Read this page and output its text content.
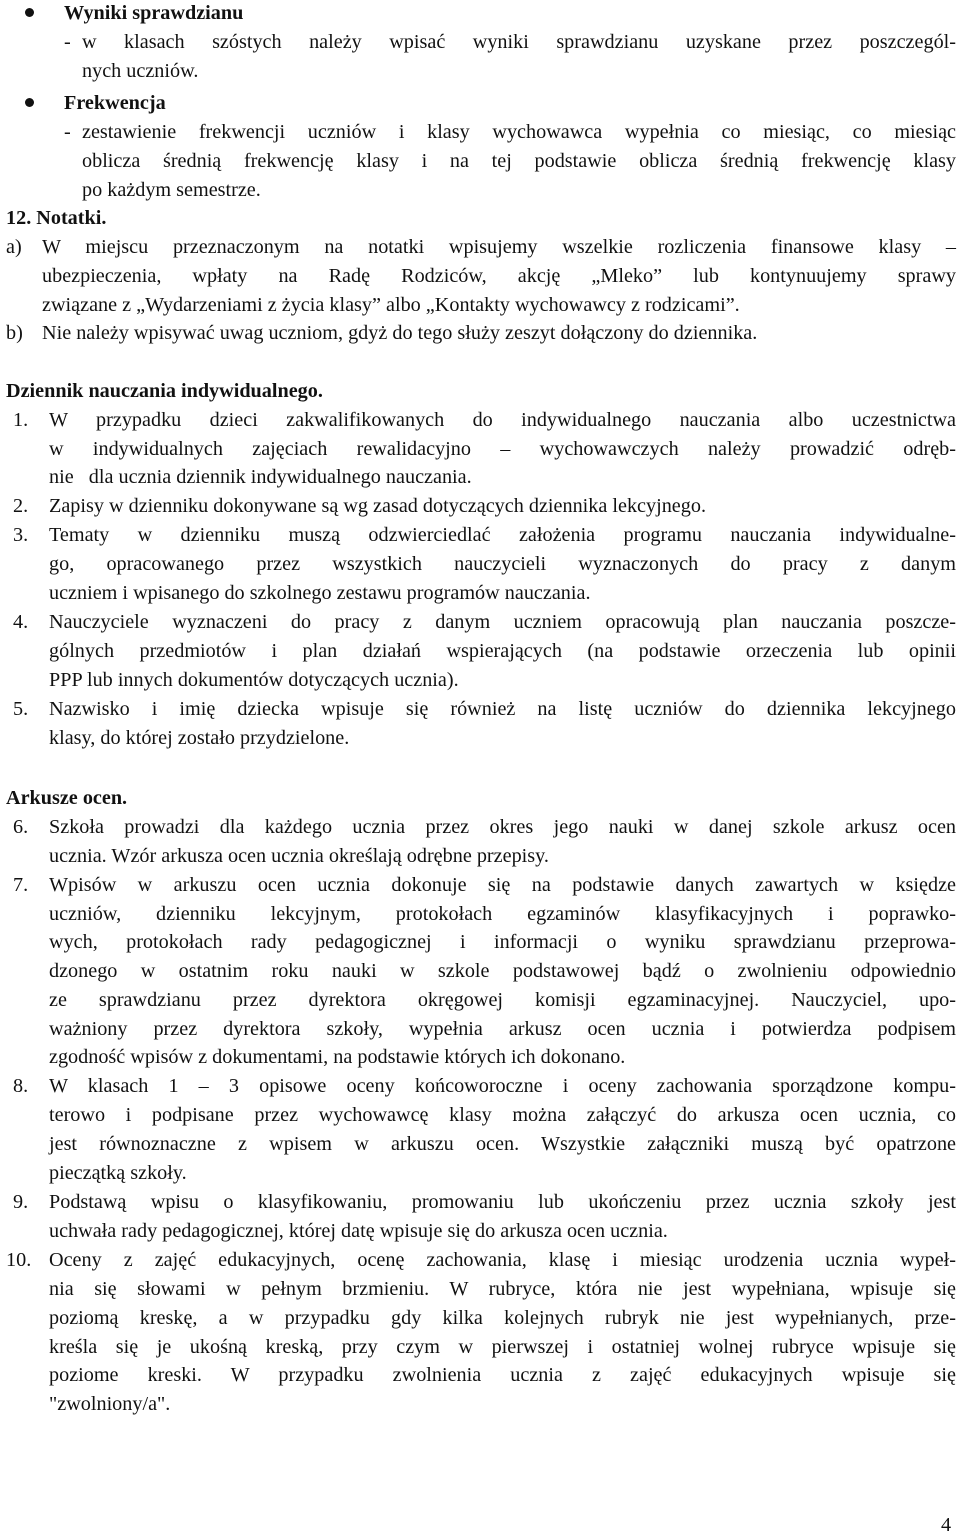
Wyniki sprawdzianu
- w klasach szóstych należy wpisać wyniki sprawdzianu uzyskane przez poszczegól-
nych uczniów.
Frekwencja
- zestawienie frekwencji uczniów i klasy wychowawca wypełnia co miesiąc, co miesiąc
oblicza średnią frekwencję klasy i na tej podstawie oblicza średnią frekwencję klasy
po każdym semestrze.
12. Notatki.
a) W miejscu przeznaczonym na notatki wpisujemy wszelkie rozliczenia finansowe klasy –
ubezpieczenia, wpłaty na Radę Rodziców, akcję „Mleko” lub kontynuujemy sprawy
związane z „Wydarzeniami z życia klasy” albo „Kontakty wychowawcy z rodzicami”.
b) Nie należy wpisywać uwag uczniom, gdyż do tego służy zeszyt dołączony do dziennika.
Dziennik nauczania indywidualnego.
1. W przypadku dzieci zakwalifikowanych do indywidualnego nauczania albo uczestnictwa
w indywidualnych zajęciach rewalidacyjno – wychowawczych należy prowadzić odręb-
nie   dla ucznia dziennik indywidualnego nauczania.
2. Zapisy w dzienniku dokonywane są wg zasad dotyczących dziennika lekcyjnego.
3. Tematy w dzienniku muszą odzwierciedlać założenia programu nauczania indywidualne-
go, opracowanego przez wszystkich nauczycieli wyznaczonych do pracy z danym
uczniem i wpisanego do szkolnego zestawu programów nauczania.
4. Nauczyciele wyznaczeni do pracy z danym uczniem opracowują plan nauczania poszcze-
gólnych przedmiotów i plan działań wspierających (na podstawie orzeczenia lub opinii
PPP lub innych dokumentów dotyczących ucznia).
5. Nazwisko i imię dziecka wpisuje się również na listę uczniów do dziennika lekcyjnego
klasy, do której zostało przydzielone.
Arkusze ocen.
6. Szkoła prowadzi dla każdego ucznia przez okres jego nauki w danej szkole arkusz ocen
ucznia. Wzór arkusza ocen ucznia określają odrębne przepisy.
7. Wpisów w arkuszu ocen ucznia dokonuje się na podstawie danych zawartych w księdze
uczniów, dzienniku lekcyjnym, protokołach egzaminów klasyfikacyjnych i poprawko-
wych, protokołach rady pedagogicznej i informacji o wyniku sprawdzianu przeprowa-
dzonego w ostatnim roku nauki w szkole podstawowej bądź o zwolnieniu odpowiednio
ze sprawdzianu przez dyrektora okręgowej komisji egzaminacyjnej. Nauczyciel, upo-
ważniony przez dyrektora szkoły, wypełnia arkusz ocen ucznia i potwierdza podpisem
zgodność wpisów z dokumentami, na podstawie których ich dokonano.
8. W klasach 1 – 3 opisowe oceny końcoworoczne i oceny zachowania sporządzone kompu-
terowo i podpisane przez wychowawcę klasy można załączyć do arkusza ocen ucznia, co
jest równoznaczne z wpisem w arkuszu ocen. Wszystkie załączniki muszą być opatrzone
pieczątką szkoły.
9. Podstawą wpisu o klasyfikowaniu, promowaniu lub ukończeniu przez ucznia szkoły jest
uchwała rady pedagogicznej, której datę wpisuje się do arkusza ocen ucznia.
10. Oceny z zajęć edukacyjnych, ocenę zachowania, klasę i miesiąc urodzenia ucznia wypeł-
nia się słowami w pełnym brzmieniu. W rubryce, która nie jest wypełniana, wpisuje się
poziomą kreskę, a w przypadku gdy kilka kolejnych rubryk nie jest wypełnianych, prze-
kreśla się je ukośną kreską, przy czym w pierwszej i ostatniej wolnej rubryce wpisuje się
poziome kreski. W przypadku zwolnienia ucznia z zajęć edukacyjnych wpisuje się
"zwolniony/a".
4
